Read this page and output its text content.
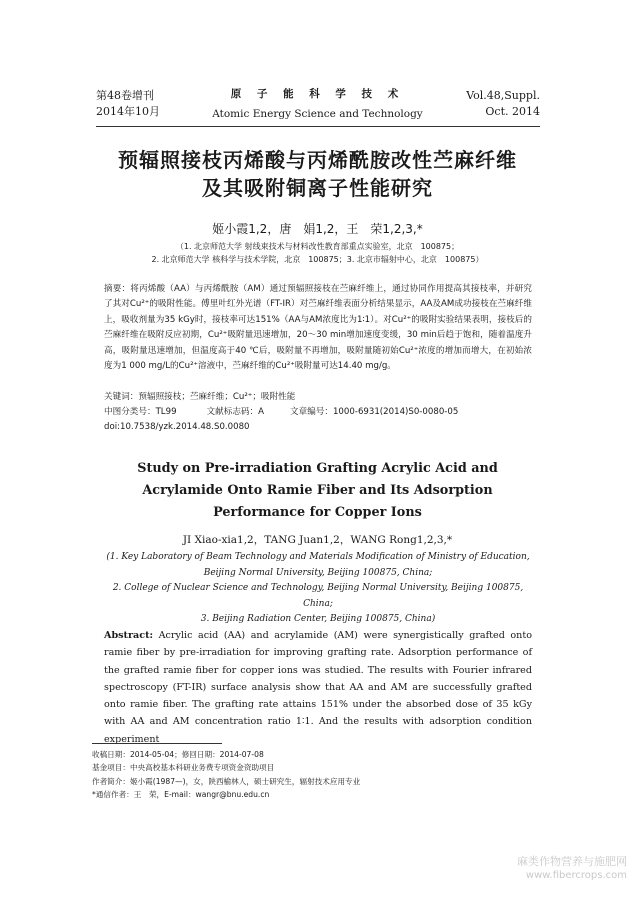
第48卷增刊
2014年10月
原 子 能 科 学 技 术
Atomic Energy Science and Technology
Vol.48,Suppl.
Oct. 2014
预辐照接枝丙烯酸与丙烯酰胺改性苎麻纤维
及其吸附铜离子性能研究
姬小霞1,2，唐　娟1,2，王　荣1,2,3,*
（1. 北京师范大学 射线束技术与材料改性教育部重点实验室，北京　100875；
2. 北京师范大学 核科学与技术学院，北京　100875；3. 北京市辐射中心，北京　100875）
摘要：将丙烯酸（AA）与丙烯酰胺（AM）通过预辐照接枝在苎麻纤维上，通过协同作用提高其接枝率，并研究了其对Cu²⁺的吸附性能。傅里叶红外光谱（FT-IR）对苎麻纤维表面分析结果显示，AA及AM成功接枝在苎麻纤维上，吸收剂量为35 kGy时，接枝率可达151%（AA与AM浓度比为1∶1）。对Cu²⁺的吸附实验结果表明，接枝后的苎麻纤维在吸附反应初期，Cu²⁺吸附量迅速增加，20～30 min增加速度变缓，30 min后趋于饱和，随着温度升高，吸附量迅速增加，但温度高于40 ℃后，吸附量不再增加，吸附量随初始Cu²⁺浓度的增加而增大，在初始浓度为1 000 mg/L的Cu²⁺溶液中，苎麻纤维的Cu²⁺吸附量可达14.40 mg/g。
关键词：预辐照接枝；苎麻纤维；Cu²⁺；吸附性能
中图分类号：TL99	文献标志码：A	文章编号：1000-6931(2014)S0-0080-05
doi:10.7538/yzk.2014.48.S0.0080
Study on Pre-irradiation Grafting Acrylic Acid and
Acrylamide Onto Ramie Fiber and Its Adsorption
Performance for Copper Ions
JI Xiao-xia1,2，TANG Juan1,2，WANG Rong1,2,3,*
(1. Key Laboratory of Beam Technology and Materials Modification of Ministry of Education,
Beijing Normal University, Beijing 100875, China;
2. College of Nuclear Science and Technology, Beijing Normal University, Beijing 100875, China;
3. Beijing Radiation Center, Beijing 100875, China)
Abstract: Acrylic acid (AA) and acrylamide (AM) were synergistically grafted onto ramie fiber by pre-irradiation for improving grafting rate. Adsorption performance of the grafted ramie fiber for copper ions was studied. The results with Fourier infrared spectroscopy (FT-IR) surface analysis show that AA and AM are successfully grafted onto ramie fiber. The grafting rate attains 151% under the absorbed dose of 35 kGy with AA and AM concentration ratio 1∶1. And the results with adsorption condition experiment
收稿日期：2014-05-04；修回日期：2014-07-08
基金项目：中央高校基本科研业务费专项资金资助项目
作者简介：姬小霞(1987—)，女，陕西榆林人，硕士研究生，辐射技术应用专业
*通信作者：王　荣，E-mail：wangr@bnu.edu.cn
麻类作物营养与施肥网
www.fibercrops.com
